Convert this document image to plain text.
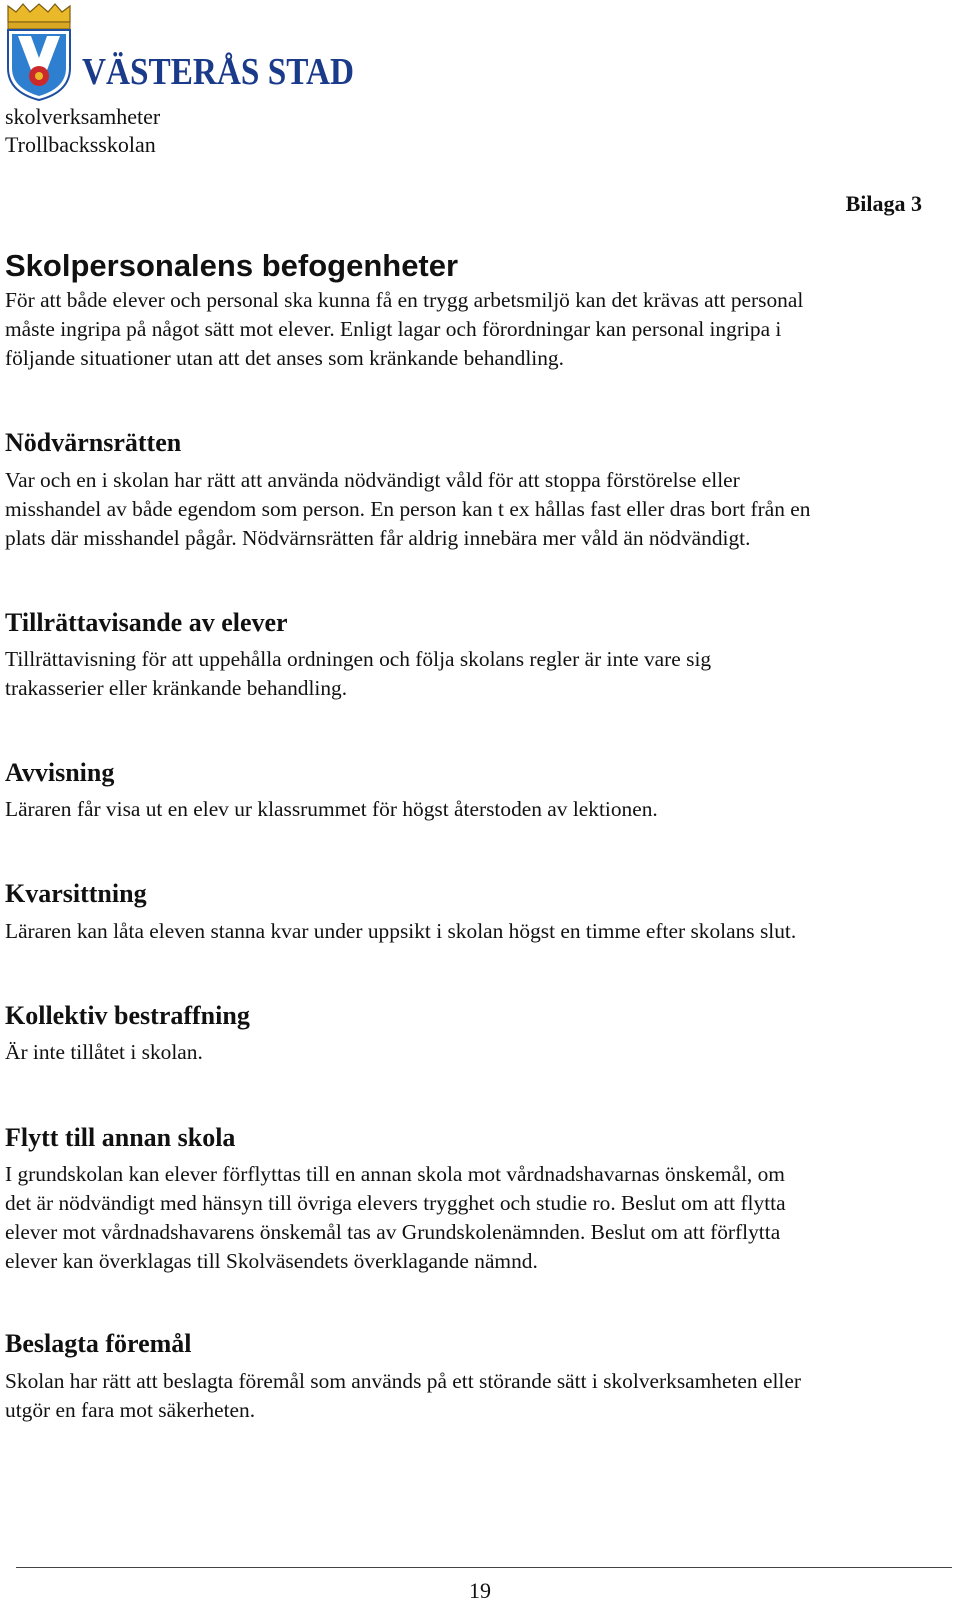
VÄSTERÅS STAD
skolverksamheter
Trollbacksskolan
Bilaga 3
Skolpersonalens befogenheter
För att både elever och personal ska kunna få en trygg arbetsmiljö kan det krävas att personal
måste ingripa på något sätt mot elever. Enligt lagar och förordningar kan personal ingripa i
följande situationer utan att det anses som kränkande behandling.
Nödvärnsrätten
Var och en i skolan har rätt att använda nödvändigt våld för att stoppa förstörelse eller
misshandel av både egendom som person. En person kan t ex hållas fast eller dras bort från en
plats där misshandel pågår. Nödvärnsrätten får aldrig innebära mer våld än nödvändigt.
Tillrättavisande av elever
Tillrättavisning för att uppehålla ordningen och följa skolans regler är inte vare sig
trakasserier eller kränkande behandling.
Avvisning
Läraren får visa ut en elev ur klassrummet för högst återstoden av lektionen.
Kvarsittning
Läraren kan låta eleven stanna kvar under uppsikt i skolan högst en timme efter skolans slut.
Kollektiv bestraffning
Är inte tillåtet i skolan.
Flytt till annan skola
I grundskolan kan elever förflyttas till en annan skola mot vårdnadshavarnas önskemål, om
det är nödvändigt med hänsyn till övriga elevers trygghet och studie ro. Beslut om att flytta
elever mot vårdnadshavarens önskemål tas av Grundskolenämnden. Beslut om att förflytta
elever kan överklagas till Skolväsendets överklagande nämnd.
Beslagta föremål
Skolan har rätt att beslagta föremål som används på ett störande sätt i skolverksamheten eller
utgör en fara mot säkerheten.
19
